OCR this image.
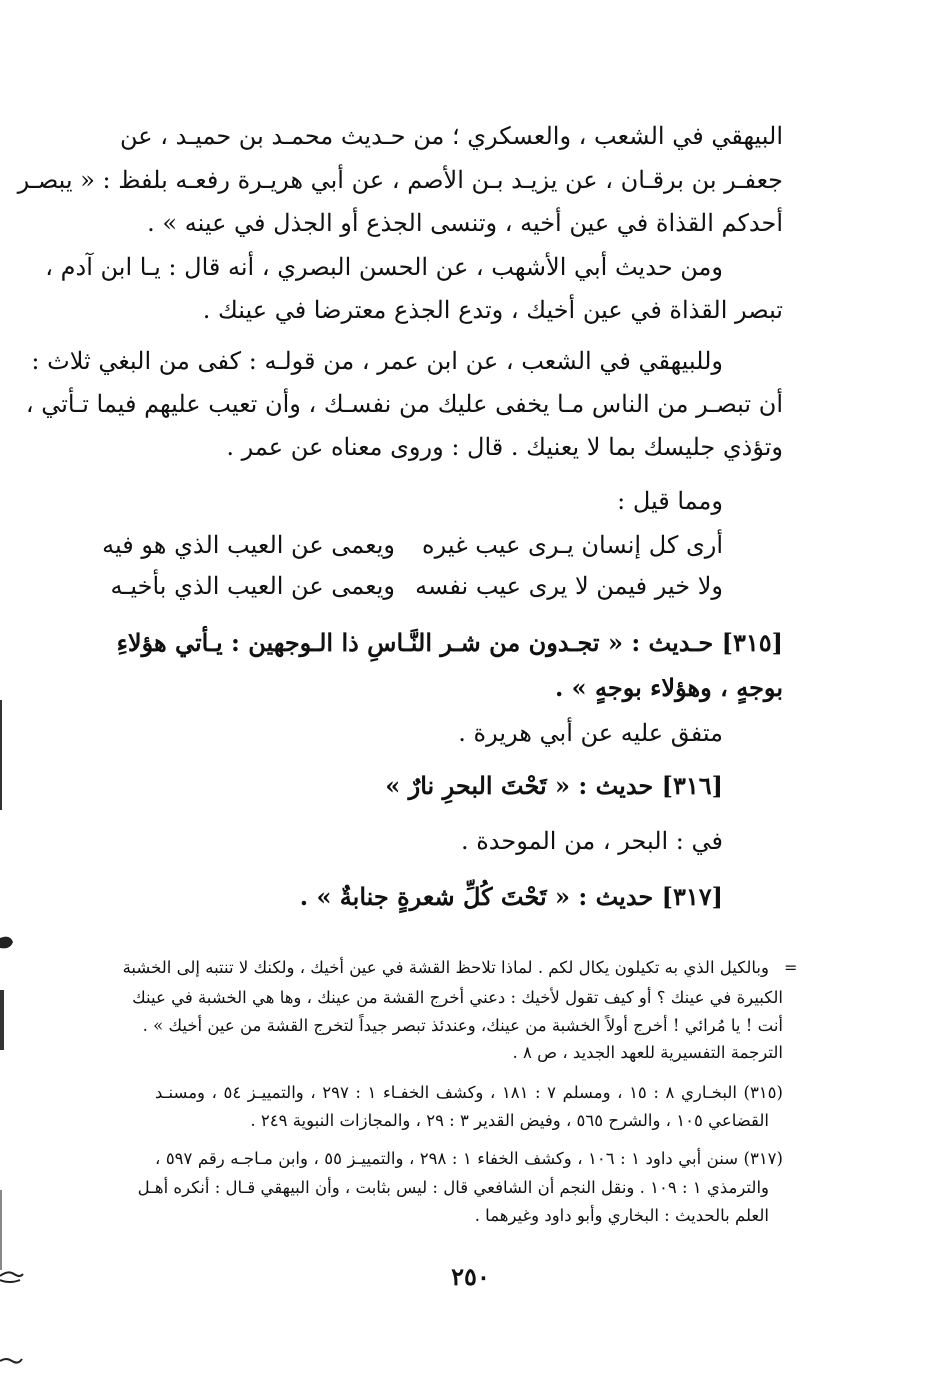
البيهقي في الشعب ، والعسكري ؛ من حـديث محمـد بن حميـد ، عن
جعفـر بن برقـان ، عن يزيـد بـن الأصم ، عن أبي هريـرة رفعـه بلفظ : « يبصـر
أحدكم القذاة في عين أخيه ، وتنسى الجذع أو الجذل في عينه » .
ومن حديث أبي الأشهب ، عن الحسن البصري ، أنه قال : يـا ابن آدم ،
تبصر القذاة في عين أخيك ، وتدع الجذع معترضا في عينك .
وللبيهقي في الشعب ، عن ابن عمر ، من قولـه : كفى من البغي ثلاث :
أن تبصـر من الناس مـا يخفى عليك من نفسـك ، وأن تعيب عليهم فيما تـأتي ،
وتؤذي جليسك بما لا يعنيك . قال : وروى معناه عن عمر .
ومما قيل :
أرى كل إنسان يـرى عيب غيره
ويعمى عن العيب الذي هو فيه
ولا خير فيمن لا يرى عيب نفسه
ويعمى عن العيب الذي بأخيـه
[٣١٥] حـديث : « تجـدون من شـر النَّـاسِ ذا الـوجهين : يـأتي هؤلاءِ
بوجهٍ ، وهؤلاء بوجهٍ » .
متفق عليه عن أبي هريرة .
[٣١٦] حديث : « تَحْتَ البحرِ نارٌ »
في : البحر ، من الموحدة .
[٣١٧] حديث : « تَحْتَ كُلِّ شعرةٍ جنابةٌ » .
=
وبالكيل الذي به تكيلون يكال لكم . لماذا تلاحظ القشة في عين أخيك ، ولكنك لا تنتبه إلى الخشبة
الكبيرة في عينك ؟ أو كيف تقول لأخيك : دعني أخرج القشة من عينك ، وها هي الخشبة في عينك
أنت ! يا مُرائي ! أخرج أولاً الخشبة من عينك، وعندئذ تبصر جيداً لتخرج القشة من عين أخيك » .
الترجمة التفسيرية للعهد الجديد ، ص ٨ .
(٣١٥) البخـاري ٨ : ١٥ ، ومسلم ٧ : ١٨١ ، وكشف الخفـاء ١ : ٢٩٧ ، والتمييـز ٥٤ ، ومسنـد
القضاعي ١٠٥ ، والشرح ٥٦٥ ، وفيض القدير ٣ : ٢٩ ، والمجازات النبوية ٢٤٩ .
(٣١٧) سنن أبي داود ١ : ١٠٦ ، وكشف الخفاء ١ : ٢٩٨ ، والتمييـز ٥٥ ، وابن مـاجـه رقم ٥٩٧ ،
والترمذي ١ : ١٠٩ . ونقل النجم أن الشافعي قال : ليس بثابت ، وأن البيهقي قـال : أنكره أهـل
العلم بالحديث : البخاري وأبو داود وغيرهما .
٢٥٠
